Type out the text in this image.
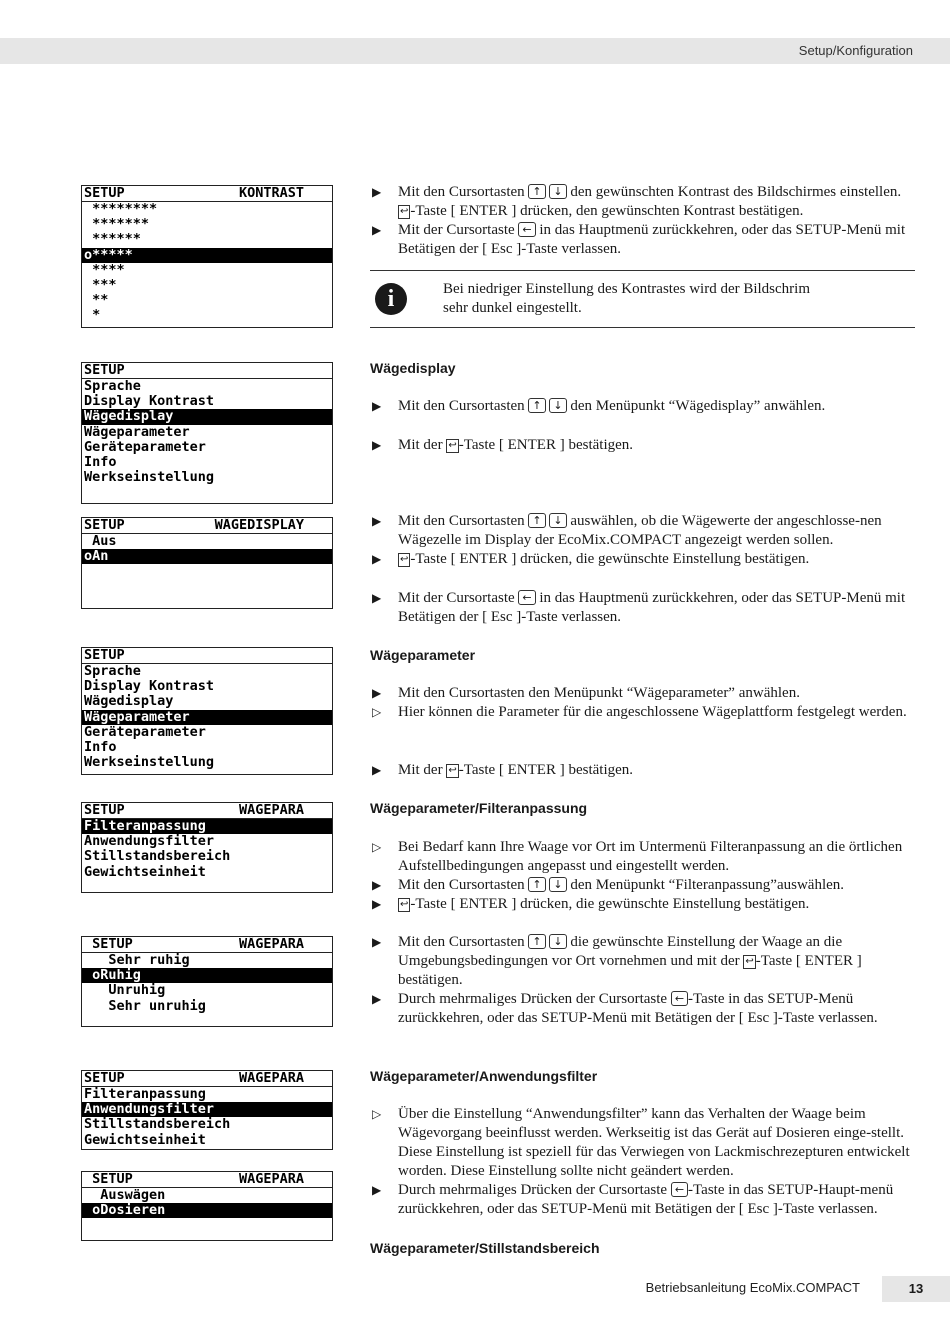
Setup/Konfiguration
SETUP	KONTRAST
********
*******
******
o*****
****
***
**
*
SETUP
Sprache
Display Kontrast
Wägedisplay
Wägeparameter
Geräteparameter
Info
Werkseinstellung
SETUP	WÄGEDISPLAY
Aus
oAn
SETUP
Sprache
Display Kontrast
Wägedisplay
Wägeparameter
Geräteparameter
Info
Werkseinstellung
SETUP	WÄGEPARA
Filteranpassung
Anwendungsfilter
Stillstandsbereich
Gewichtseinheit
SETUP	WÄGEPARA
Sehr ruhig
oRuhig
Unruhig
Sehr unruhig
SETUP	WÄGEPARA
Filteranpassung
Anwendungsfilter
Stillstandsbereich
Gewichtseinheit
SETUP	WÄGEPARA
Auswägen
oDosieren
▶ Mit den Cursortasten ↑ ↓ den gewünschten Kontrast des Bildschirmes einstellen. ↩ -Taste [ ENTER ] drücken, den gewünschten Kontrast bestätigen.
▶ Mit der Cursortaste ← in das Hauptmenü zurückkehren, oder das SETUP-Menü mit Betätigen der [ Esc ]-Taste verlassen.
i	Bei niedriger Einstellung des Kontrastes wird der Bildschrim
sehr dunkel eingestellt.
Wägedisplay
▶ Mit den Cursortasten ↑ ↓ den Menüpunkt “Wägedisplay” anwählen.
▶ Mit der ↩ -Taste [ ENTER ] bestätigen.
▶ Mit den Cursortasten ↑ ↓ auswählen, ob die Wägewerte der angeschlosse-nen Wägezelle im Display der EcoMix.COMPACT angezeigt werden sollen.
▶ ↩ -Taste [ ENTER ] drücken, die gewünschte Einstellung bestätigen.
▶ Mit der Cursortaste ← in das Hauptmenü zurückkehren, oder das SETUP-Menü mit Betätigen der [ Esc ]-Taste verlassen.
Wägeparameter
▶ Mit den Cursortasten den Menüpunkt “Wägeparameter” anwählen.
▷ Hier können die Parameter für die angeschlossene Wägeplattform festgelegt werden.
▶ Mit der ↩ -Taste [ ENTER ] bestätigen.
Wägeparameter/Filteranpassung
▷ Bei Bedarf kann Ihre Waage vor Ort im Untermenü Filteranpassung an die örtlichen Aufstellbedingungen angepasst und eingestellt werden.
▶ Mit den Cursortasten ↑ ↓ den Menüpunkt “Filteranpassung”auswählen.
▶ ↩ -Taste [ ENTER ] drücken, die gewünschte Einstellung bestätigen.
▶ Mit den Cursortasten ↑ ↓ die gewünschte Einstellung der Waage an die Umgebungsbedingungen vor Ort vornehmen und mit der ↩ -Taste [ ENTER ] bestätigen.
▶ Durch mehrmaliges Drücken der Cursortaste ← -Taste in das SETUP-Menü zurückkehren, oder das SETUP-Menü mit Betätigen der [ Esc ]-Taste verlassen.
Wägeparameter/Anwendungsfilter
▷ Über die Einstellung “Anwendungsfilter” kann das Verhalten der Waage beim Wägevorgang beeinflusst werden. Werkseitig ist das Gerät auf Dosieren einge-stellt. Diese Einstellung ist speziell für das Verwiegen von Lackmischrezepturen entwickelt worden. Diese Einstellung sollte nicht geändert werden.
▶ Durch mehrmaliges Drücken der Cursortaste ← -Taste in das SETUP-Haupt-menü zurückkehren, oder das SETUP-Menü mit Betätigen der [ Esc ]-Taste verlassen.
Wägeparameter/Stillstandsbereich
Betriebsanleitung EcoMix.COMPACT	13
